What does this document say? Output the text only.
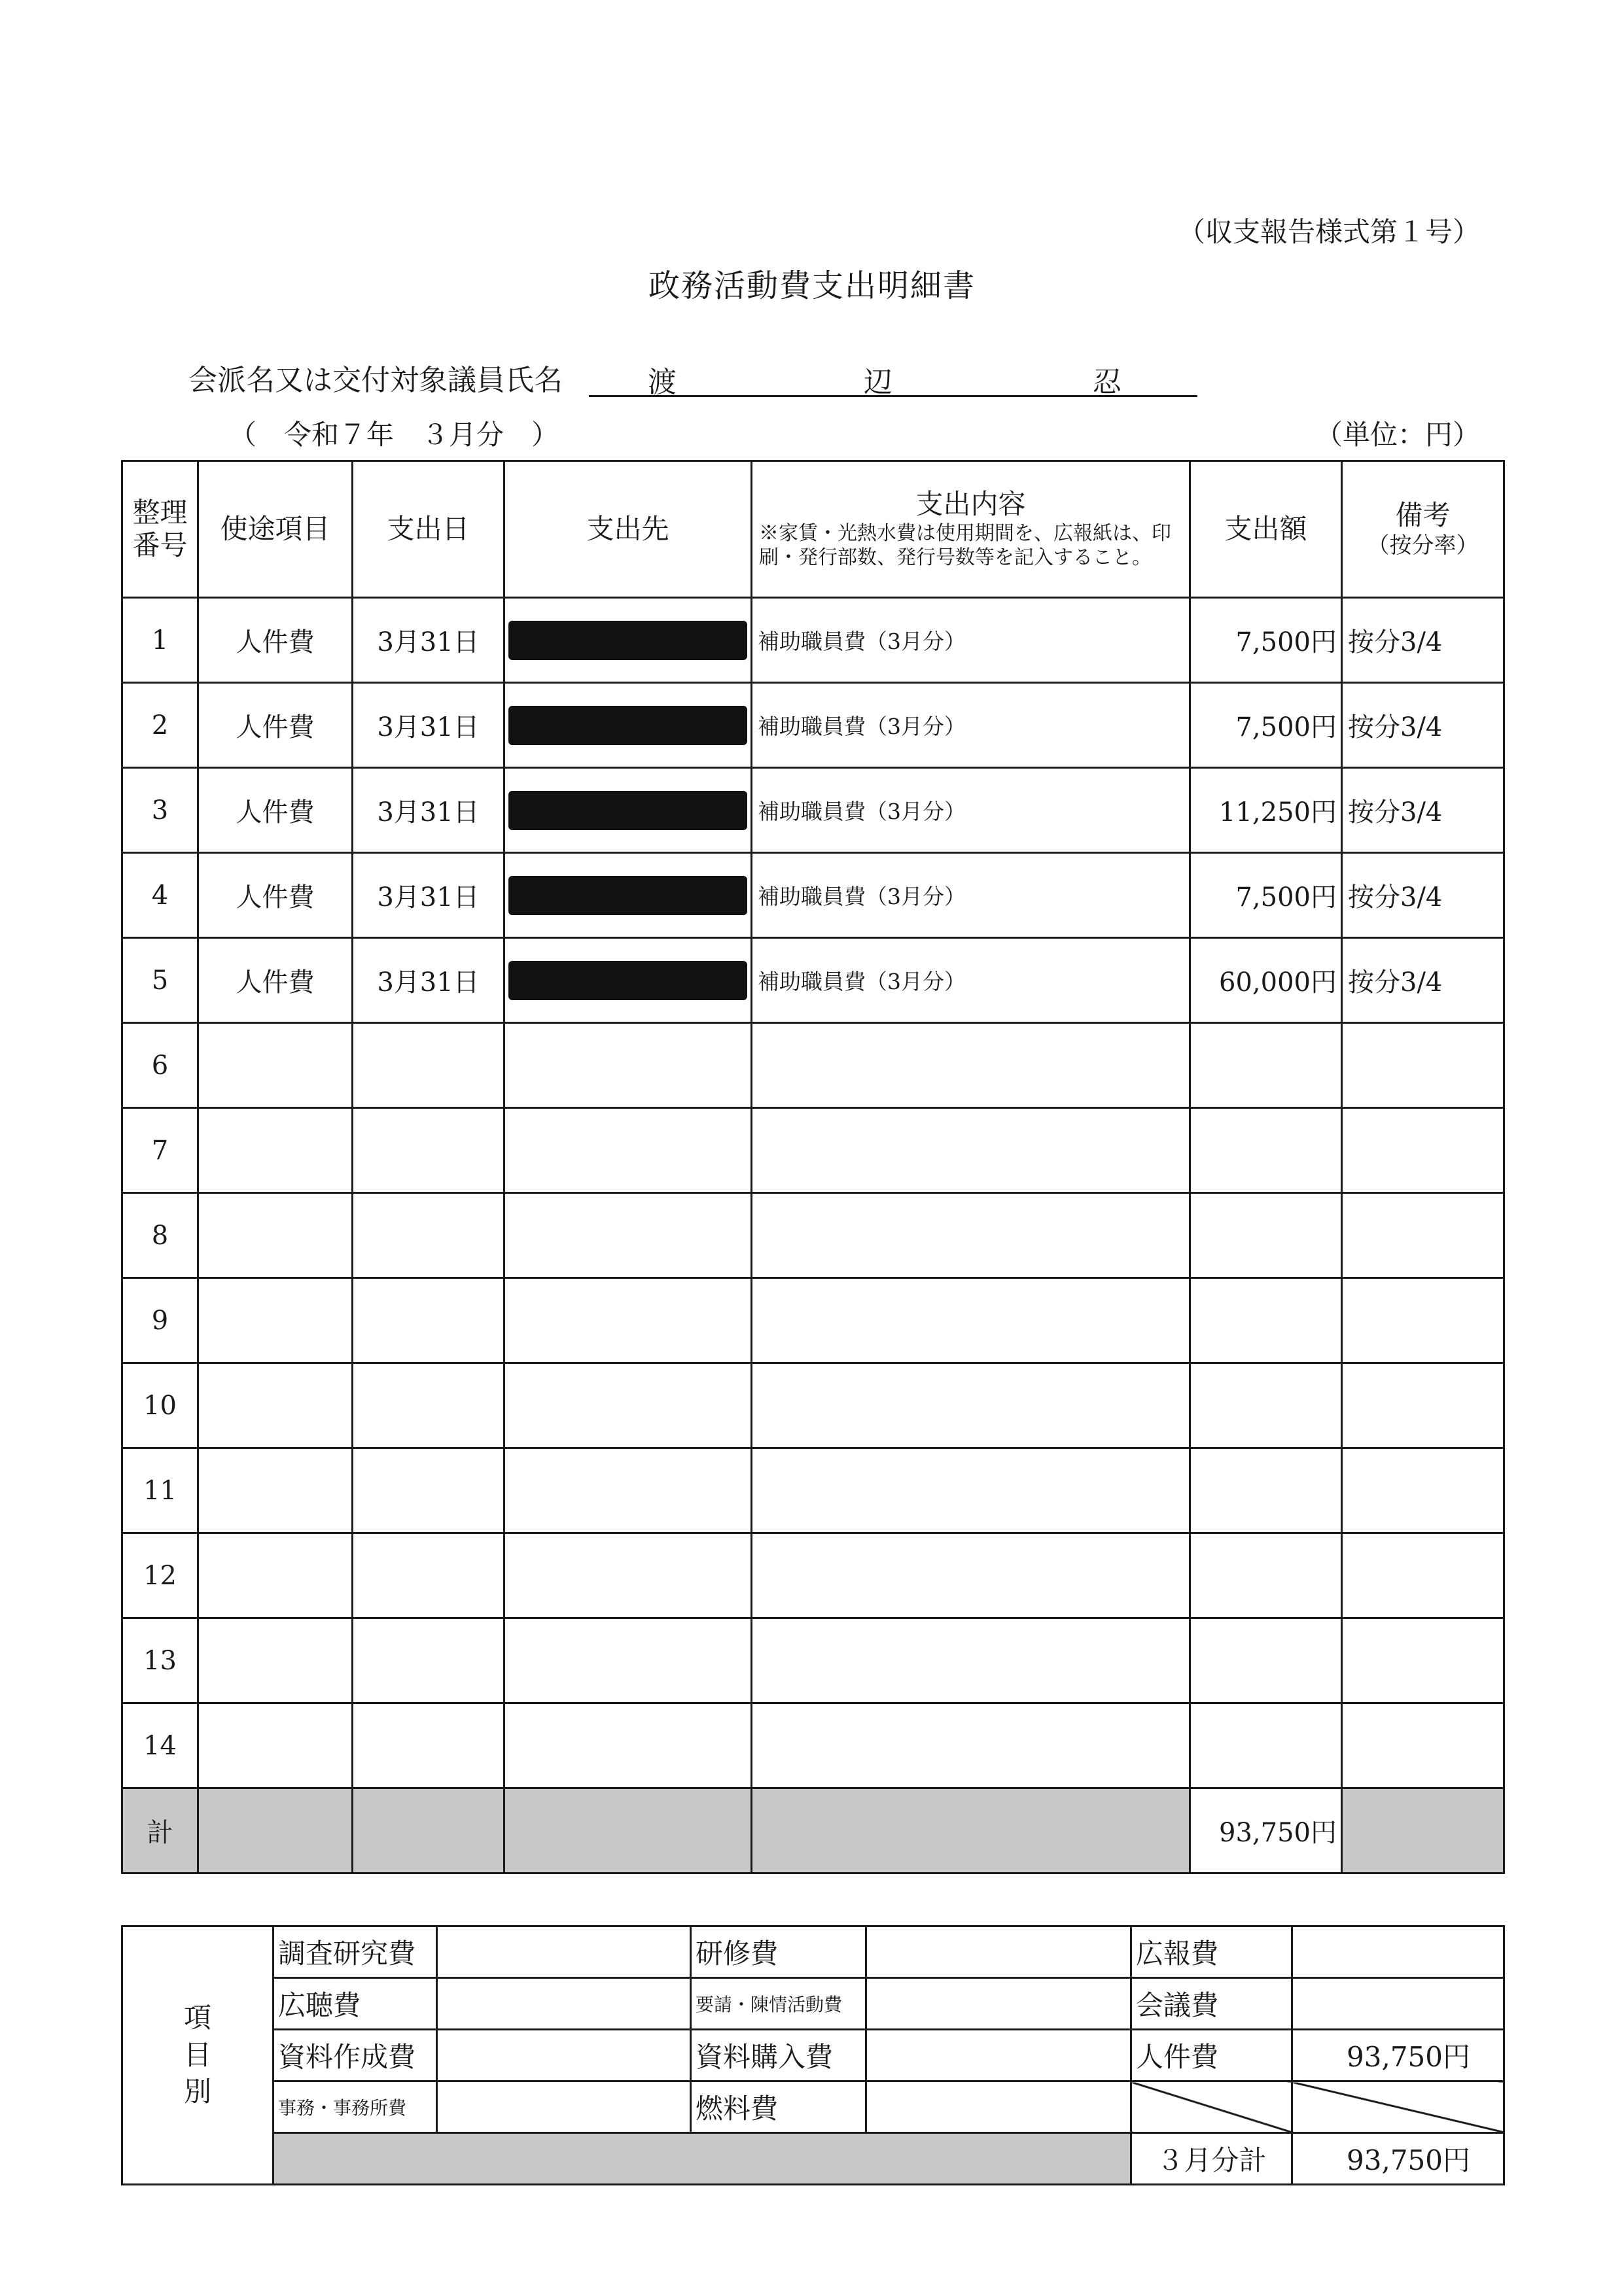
（収支報告様式第１号）
政務活動費支出明細書
会派名又は交付対象議員氏名	渡	辺	忍
（　令和７年　３月分　）	（単位：円）
整理番号	使途項目	支出日	支出先	支出内容
※家賃・光熱水費は使用期間を、広報紙は、印刷・発行部数、発行号数等を記入すること。	支出額	備考
（按分率）

1	人件費	3月31日		補助職員費（3月分）	7,500円	按分3/4
2	人件費	3月31日		補助職員費（3月分）	7,500円	按分3/4
3	人件費	3月31日		補助職員費（3月分）	11,250円	按分3/4
4	人件費	3月31日		補助職員費（3月分）	7,500円	按分3/4
5	人件費	3月31日		補助職員費（3月分）	60,000円	按分3/4
6						
7						
8						
9						
10						
11						
12						
13						
14						
計					93,750円	
項目別	調査研究費		研修費		広報費	
	広聴費		要請・陳情活動費		会議費	
	資料作成費		資料購入費		人件費	93,750円
	事務・事務所費		燃料費			
					３月分計	93,750円
